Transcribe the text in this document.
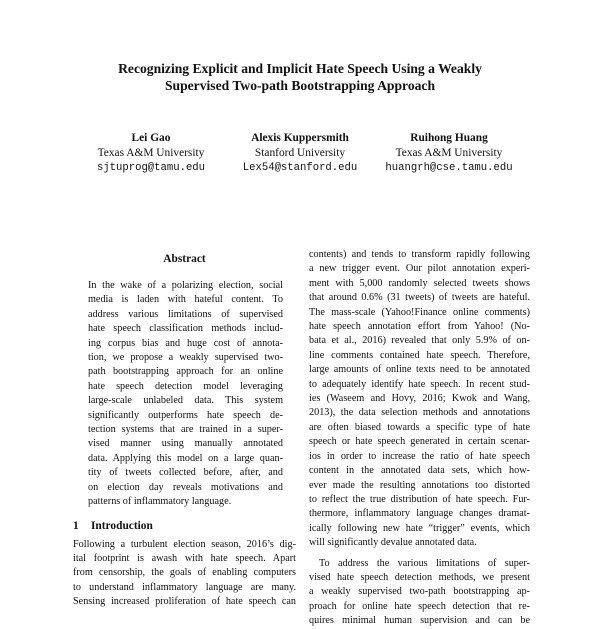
Recognizing Explicit and Implicit Hate Speech Using a Weakly
Supervised Two-path Bootstrapping Approach
Lei Gao
Texas A&M University
sjtuprog@tamu.edu
Alexis Kuppersmith
Stanford University
Lex54@stanford.edu
Ruihong Huang
Texas A&M University
huangrh@cse.tamu.edu
Abstract
In the wake of a polarizing election, social
media is laden with hateful content. To
address various limitations of supervised
hate speech classification methods includ-
ing corpus bias and huge cost of annota-
tion, we propose a weakly supervised two-
path bootstrapping approach for an online
hate speech detection model leveraging
large-scale unlabeled data. This system
significantly outperforms hate speech de-
tection systems that are trained in a super-
vised manner using manually annotated
data. Applying this model on a large quan-
tity of tweets collected before, after, and
on election day reveals motivations and
patterns of inflammatory language.
1 Introduction
Following a turbulent election season, 2016’s dig-
ital footprint is awash with hate speech. Apart
from censorship, the goals of enabling computers
to understand inflammatory language are many.
Sensing increased proliferation of hate speech can
contents) and tends to transform rapidly following
a new trigger event. Our pilot annotation experi-
ment with 5,000 randomly selected tweets shows
that around 0.6% (31 tweets) of tweets are hateful.
The mass-scale (Yahoo!Finance online comments)
hate speech annotation effort from Yahoo! (No-
bata et al., 2016) revealed that only 5.9% of on-
line comments contained hate speech. Therefore,
large amounts of online texts need to be annotated
to adequately identify hate speech. In recent stud-
ies (Waseem and Hovy, 2016; Kwok and Wang,
2013), the data selection methods and annotations
are often biased towards a specific type of hate
speech or hate speech generated in certain scenar-
ios in order to increase the ratio of hate speech
content in the annotated data sets, which how-
ever made the resulting annotations too distorted
to reflect the true distribution of hate speech. Fur-
thermore, inflammatory language changes dramat-
ically following new hate “trigger” events, which
will significantly devalue annotated data.
To address the various limitations of super-
vised hate speech detection methods, we present
a weakly supervised two-path bootstrapping ap-
proach for online hate speech detection that re-
quires minimal human supervision and can be
